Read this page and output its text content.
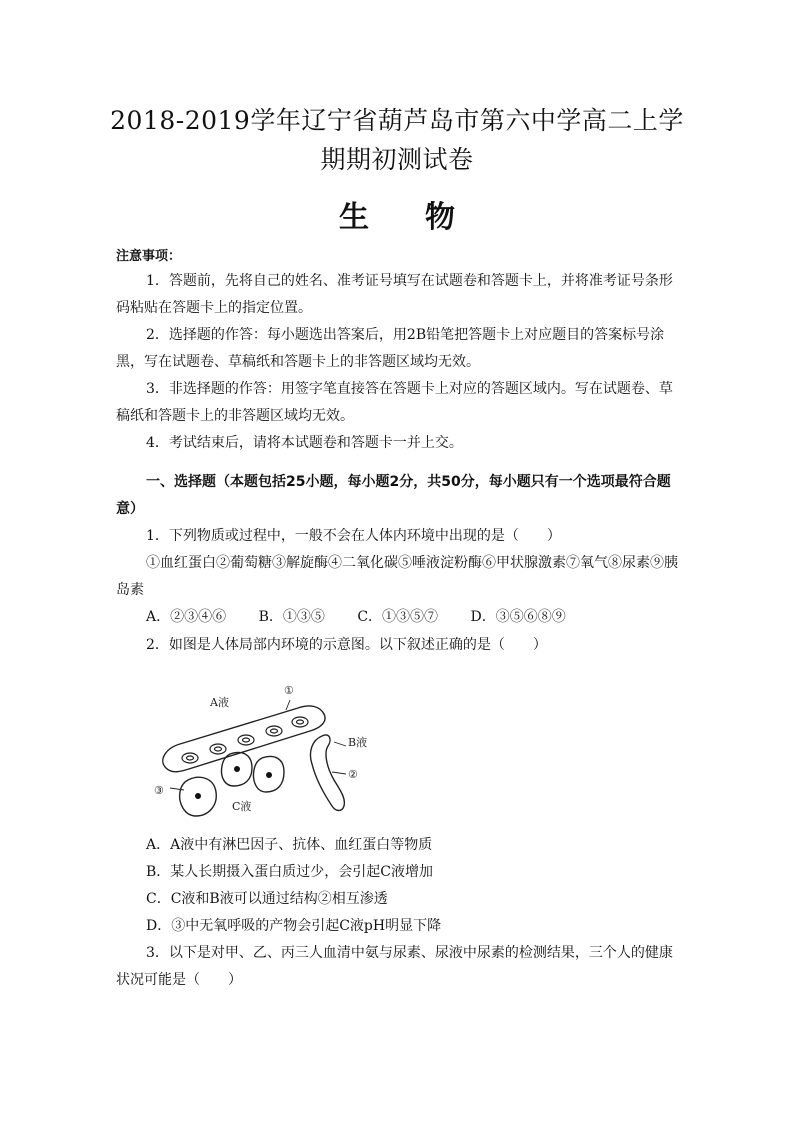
2018-2019学年辽宁省葫芦岛市第六中学高二上学
期期初测试卷
生 物
注意事项：
1．答题前，先将自己的姓名、准考证号填写在试题卷和答题卡上，并将准考证号条形码粘贴在答题卡上的指定位置。
2．选择题的作答：每小题选出答案后，用2B铅笔把答题卡上对应题目的答案标号涂黑，写在试题卷、草稿纸和答题卡上的非答题区域均无效。
3．非选择题的作答：用签字笔直接答在答题卡上对应的答题区域内。写在试题卷、草稿纸和答题卡上的非答题区域均无效。
4．考试结束后，请将本试题卷和答题卡一并上交。
一、选择题（本题包括25小题，每小题2分，共50分，每小题只有一个选项最符合题意）
1．下列物质或过程中，一般不会在人体内环境中出现的是（　　）
①血红蛋白②葡萄糖③解旋酶④二氧化碳⑤唾液淀粉酶⑥甲状腺激素⑦氧气⑧尿素⑨胰岛素
A．②③④⑥ B．①③⑤ C．①③⑤⑦ D．③⑤⑥⑧⑨
2．如图是人体局部内环境的示意图。以下叙述正确的是（　　）
A液
①
B液
②
③
C液
A．A液中有淋巴因子、抗体、血红蛋白等物质
B．某人长期摄入蛋白质过少，会引起C液增加
C．C液和B液可以通过结构②相互渗透
D．③中无氧呼吸的产物会引起C液pH明显下降
3．以下是对甲、乙、丙三人血清中氨与尿素、尿液中尿素的检测结果，三个人的健康状况可能是（　　）
